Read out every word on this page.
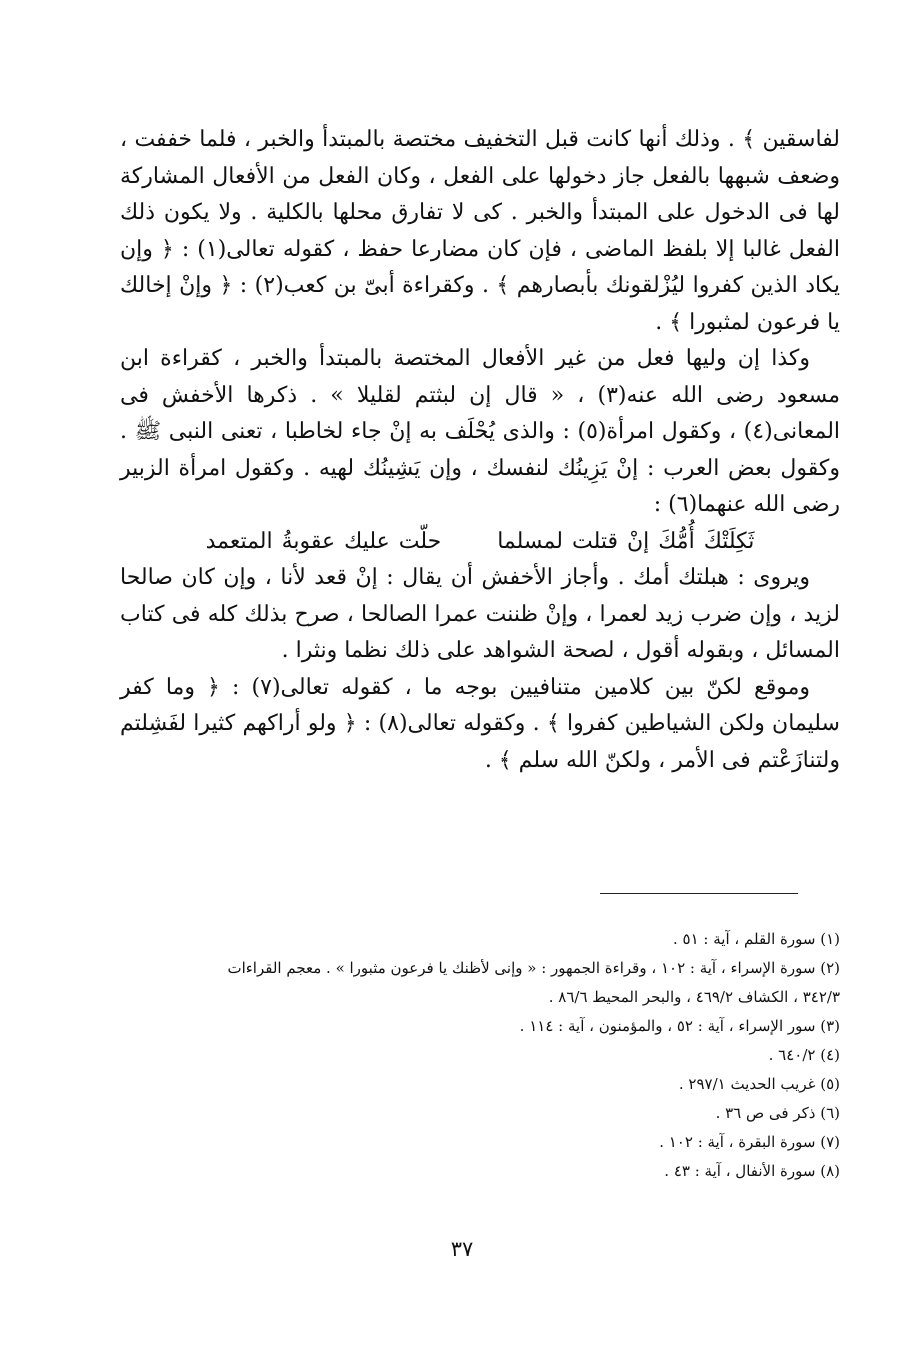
لفاسقين ﴾ . وذلك أنها كانت قبل التخفيف مختصة بالمبتدأ والخبر ، فلما خففت ، وضعف شبهها بالفعل جاز دخولها على الفعل ، وكان الفعل من الأفعال المشاركة لها فى الدخول على المبتدأ والخبر . كى لا تفارق محلها بالكلية . ولا يكون ذلك الفعل غالبا إلا بلفظ الماضى ، فإن كان مضارعا حفظ ، كقوله تعالى(١) : ﴿ وإن يكاد الذين كفروا ليُزْلقونك بأبصارهم ﴾ . وكقراءة أبىّ بن كعب(٢) : ﴿ وإنْ إخالك يا فرعون لمثبورا ﴾ .

وكذا إن وليها فعل من غير الأفعال المختصة بالمبتدأ والخبر ، كقراءة ابن مسعود رضى الله عنه(٣) ، « قال إن لبثتم لقليلا » . ذكرها الأخفش فى المعانى(٤) ، وكقول امرأة(٥) : والذى يُحْلَف به إنْ جاء لخاطبا ، تعنى النبى ﷺ . وكقول بعض العرب : إنْ يَزِينُك لنفسك ، وإن يَشِينُك لهيه . وكقول امرأة الزبير رضى الله عنهما(٦) :

ثَكِلَتْكَ أُمُّكَ إنْ قتلت لمسلماحلّت عليك عقوبةُ المتعمد

ويروى : هبلتك أمك . وأجاز الأخفش أن يقال : إنْ قعد لأنا ، وإن كان صالحا لزيد ، وإن ضرب زيد لعمرا ، وإنْ ظننت عمرا الصالحا ، صرح بذلك كله فى كتاب المسائل ، وبقوله أقول ، لصحة الشواهد على ذلك نظما ونثرا .

وموقع لكنّ بين كلامين متنافيين بوجه ما ، كقوله تعالى(٧) : ﴿ وما كفر سليمان ولكن الشياطين كفروا ﴾ . وكقوله تعالى(٨) : ﴿ ولو أراكهم كثيرا لفَشِلتم ولتنازَعْتم فى الأمر ، ولكنّ الله سلم ﴾ .

(١) سورة القلم ، آية : ٥١ .

(٢) سورة الإسراء ، آية : ١٠٢ ، وقراءة الجمهور : « وإنى لأظنك يا فرعون مثبورا » . معجم القراءات

٣٤٢/٣ ، الكشاف ٤٦٩/٢ ، والبحر المحيط ٨٦/٦ .

(٣) سور الإسراء ، آية : ٥٢ ، والمؤمنون ، آية : ١١٤ .

(٤) ٦٤٠/٢ .

(٥) غريب الحديث ٢٩٧/١ .

(٦) ذكر فى ص ٣٦ .

(٧) سورة البقرة ، آية : ١٠٢ .

(٨) سورة الأنفال ، آية : ٤٣ .

٣٧
